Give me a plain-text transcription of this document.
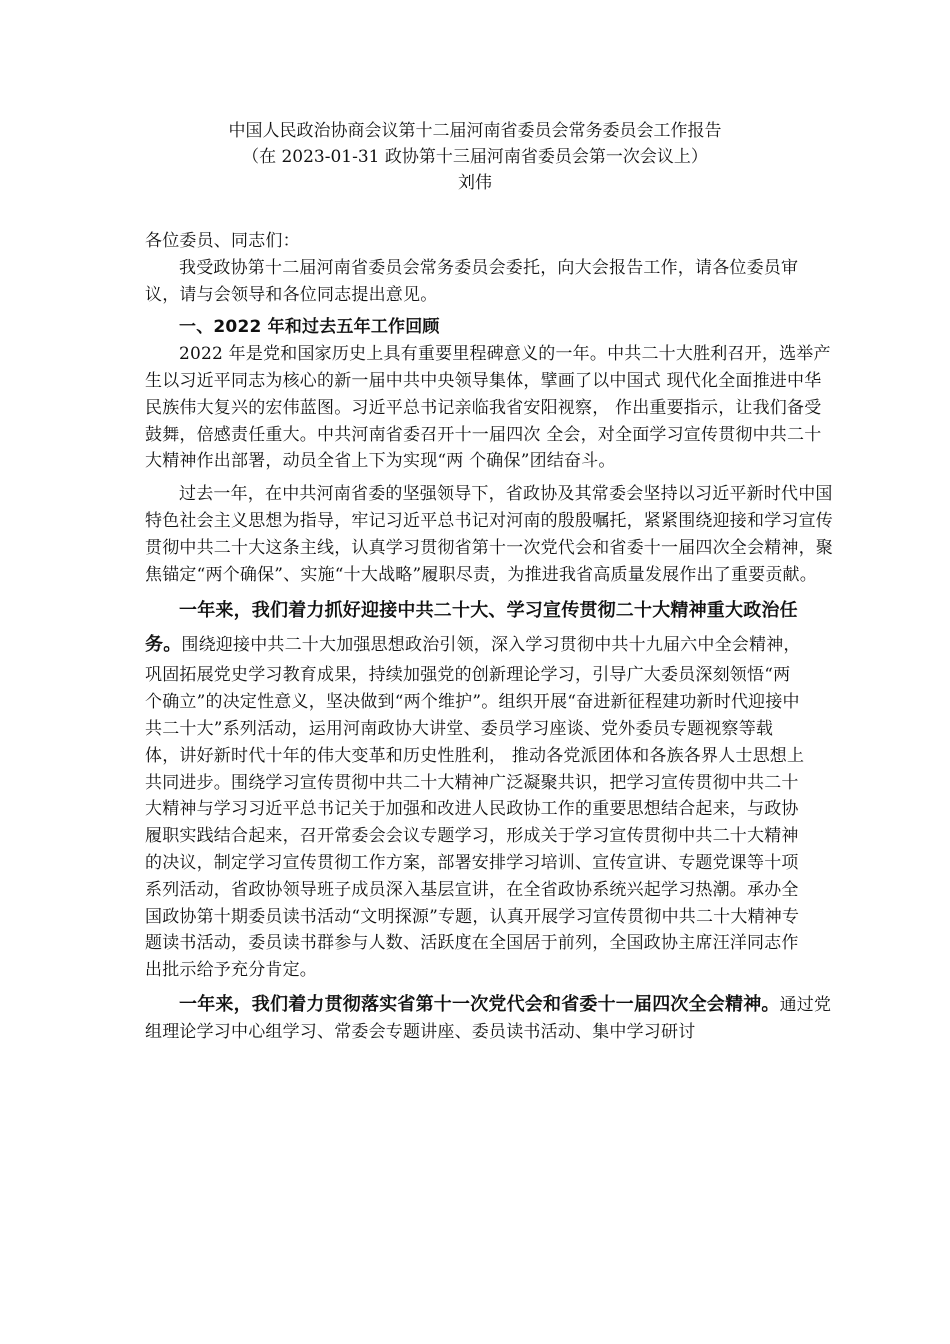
中国人民政治协商会议第十二届河南省委员会常务委员会工作报告
（在 2023-01-31 政协第十三届河南省委员会第一次会议上）
刘伟

各位委员、同志们：

我受政协第十二届河南省委员会常务委员会委托，向大会报告工作，请各位委员审议，请与会领导和各位同志提出意见。

一、2022 年和过去五年工作回顾

2022 年是党和国家历史上具有重要里程碑意义的一年。中共二十大胜利召开，选举产生以习近平同志为核心的新一届中共中央领导集体，擘画了以中国式 现代化全面推进中华民族伟大复兴的宏伟蓝图。习近平总书记亲临我省安阳视察， 作出重要指示，让我们备受鼓舞，倍感责任重大。中共河南省委召开十一届四次 全会，对全面学习宣传贯彻中共二十大精神作出部署，动员全省上下为实现“两 个确保”团结奋斗。

过去一年，在中共河南省委的坚强领导下，省政协及其常委会坚持以习近平新时代中国特色社会主义思想为指导，牢记习近平总书记对河南的殷殷嘱托，紧紧围绕迎接和学习宣传贯彻中共二十大这条主线，认真学习贯彻省第十一次党代会和省委十一届四次全会精神，聚焦锚定“两个确保”、实施“十大战略”履职尽责，为推进我省高质量发展作出了重要贡献。

一年来，我们着力抓好迎接中共二十大、学习宣传贯彻二十大精神重大政治任务。围绕迎接中共二十大加强思想政治引领，深入学习贯彻中共十九届六中全会精神，巩固拓展党史学习教育成果，持续加强党的创新理论学习，引导广大委员深刻领悟“两个确立”的决定性意义，坚决做到“两个维护”。组织开展“奋进新征程建功新时代迎接中共二十大”系列活动，运用河南政协大讲堂、委员学习座谈、党外委员专题视察等载体，讲好新时代十年的伟大变革和历史性胜利， 推动各党派团体和各族各界人士思想上共同进步。围绕学习宣传贯彻中共二十大精神广泛凝聚共识，把学习宣传贯彻中共二十大精神与学习习近平总书记关于加强和改进人民政协工作的重要思想结合起来，与政协履职实践结合起来，召开常委会会议专题学习，形成关于学习宣传贯彻中共二十大精神的决议，制定学习宣传贯彻工作方案，部署安排学习培训、宣传宣讲、专题党课等十项系列活动，省政协领导班子成员深入基层宣讲，在全省政协系统兴起学习热潮。承办全国政协第十期委员读书活动“文明探源”专题，认真开展学习宣传贯彻中共二十大精神专题读书活动，委员读书群参与人数、活跃度在全国居于前列，全国政协主席汪洋同志作出批示给予充分肯定。

一年来，我们着力贯彻落实省第十一次党代会和省委十一届四次全会精神。通过党组理论学习中心组学习、常委会专题讲座、委员读书活动、集中学习研讨
